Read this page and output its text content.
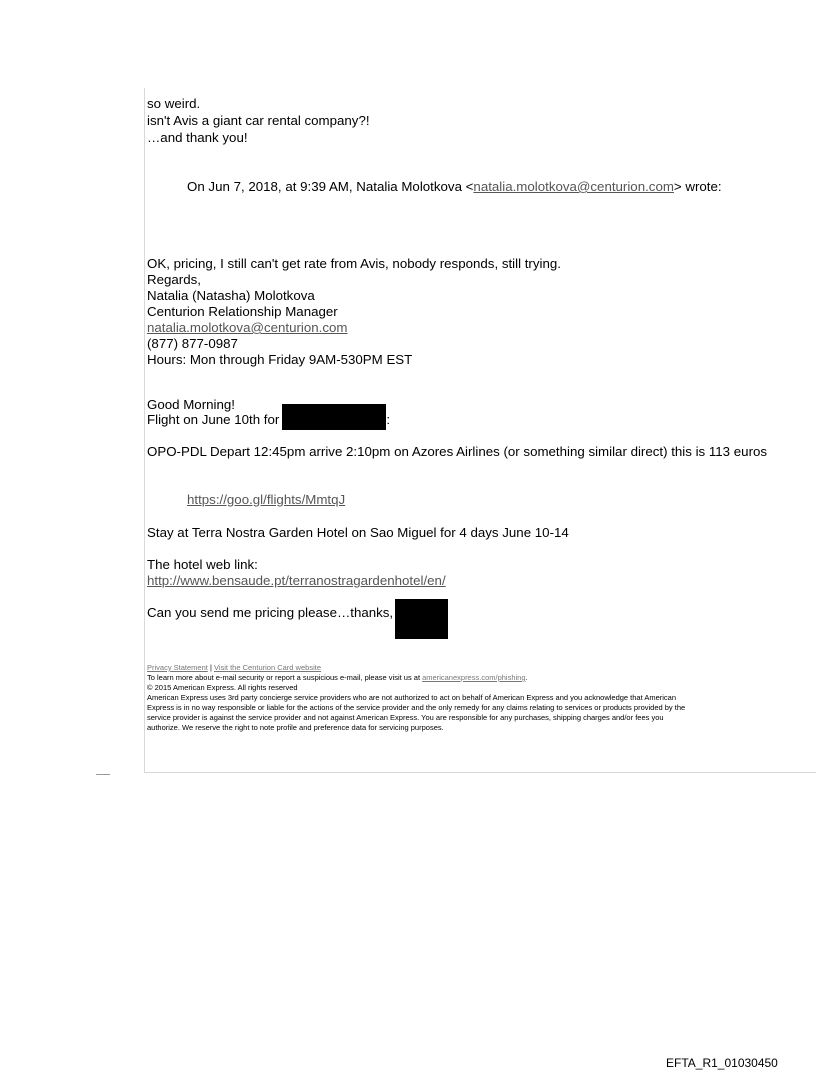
so weird.
isn't Avis a giant car rental company?!
…and thank you!
On Jun 7, 2018, at 9:39 AM, Natalia Molotkova <natalia.molotkova@centurion.com> wrote:
OK, pricing, I still can't get rate from Avis, nobody responds, still trying.
Regards,
Natalia (Natasha) Molotkova
Centurion Relationship Manager
natalia.molotkova@centurion.com
(877) 877-0987
Hours: Mon through Friday 9AM-530PM EST
Good Morning!
Flight on June 10th for	:
OPO-PDL Depart 12:45pm arrive 2:10pm on Azores Airlines (or something similar direct) this is 113 euros
https://goo.gl/flights/MmtqJ
Stay at Terra Nostra Garden Hotel on Sao Miguel for 4 days June 10-14
The hotel web link:
http://www.bensaude.pt/terranostragardenhotel/en/
Can you send me pricing please…thanks,
Privacy Statement | Visit the Centurion Card website
To learn more about e-mail security or report a suspicious e-mail, please visit us at americanexpress.com/phishing.
© 2015 American Express. All rights reserved
American Express uses 3rd party concierge service providers who are not authorized to act on behalf of American Express and you acknowledge that American
Express is in no way responsible or liable for the actions of the service provider and the only remedy for any claims relating to services or products provided by the
service provider is against the service provider and not against American Express. You are responsible for any purchases, shipping charges and/or fees you
authorize. We reserve the right to note profile and preference data for servicing purposes.
EFTA_R1_01030450
